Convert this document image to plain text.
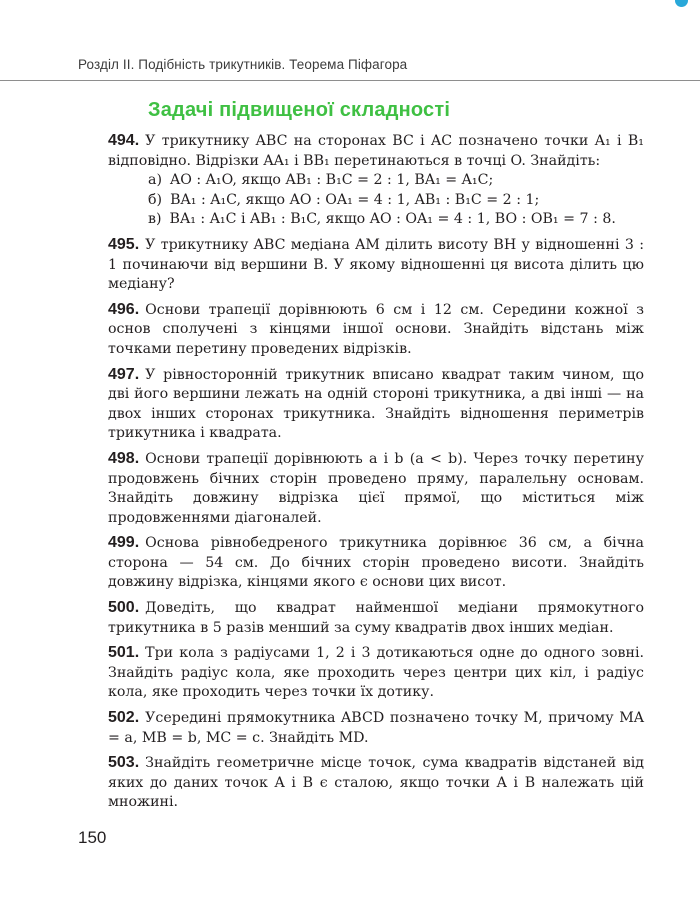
Розділ ІІ. Подібність трикутників. Теорема Піфагора
Задачі підвищеної складності
494. У трикутнику ABC на сторонах BC і AC позначено точки A₁ і B₁ відповідно. Відрізки AA₁ і BB₁ перетинаються в точці O. Знайдіть:
а) AO : A₁O, якщо AB₁ : B₁C = 2 : 1, BA₁ = A₁C;
б) BA₁ : A₁C, якщо AO : OA₁ = 4 : 1, AB₁ : B₁C = 2 : 1;
в) BA₁ : A₁C і AB₁ : B₁C, якщо AO : OA₁ = 4 : 1, BO : OB₁ = 7 : 8.
495. У трикутнику ABC медіана AM ділить висоту BH у відношенні 3 : 1 починаючи від вершини B. У якому відношенні ця висота ділить цю медіану?
496. Основи трапеції дорівнюють 6 см і 12 см. Середини кожної з основ сполучені з кінцями іншої основи. Знайдіть відстань між точками перетину проведених відрізків.
497. У рівносторонній трикутник вписано квадрат таким чином, що дві його вершини лежать на одній стороні трикутника, а дві інші — на двох інших сторонах трикутника. Знайдіть відношення периметрів трикутника і квадрата.
498. Основи трапеції дорівнюють a і b (a < b). Через точку перетину продовжень бічних сторін проведено пряму, паралельну основам. Знайдіть довжину відрізка цієї прямої, що міститься між продовженнями діагоналей.
499. Основа рівнобедреного трикутника дорівнює 36 см, а бічна сторона — 54 см. До бічних сторін проведено висоти. Знайдіть довжину відрізка, кінцями якого є основи цих висот.
500. Доведіть, що квадрат найменшої медіани прямокутного трикутника в 5 разів менший за суму квадратів двох інших медіан.
501. Три кола з радіусами 1, 2 і 3 дотикаються одне до одного зовні. Знайдіть радіус кола, яке проходить через центри цих кіл, і радіус кола, яке проходить через точки їх дотику.
502. Усередині прямокутника ABCD позначено точку M, причому MA = a, MB = b, MC = c. Знайдіть MD.
503. Знайдіть геометричне місце точок, сума квадратів відстаней від яких до даних точок A і B є сталою, якщо точки A і B належать цій множині.
150
